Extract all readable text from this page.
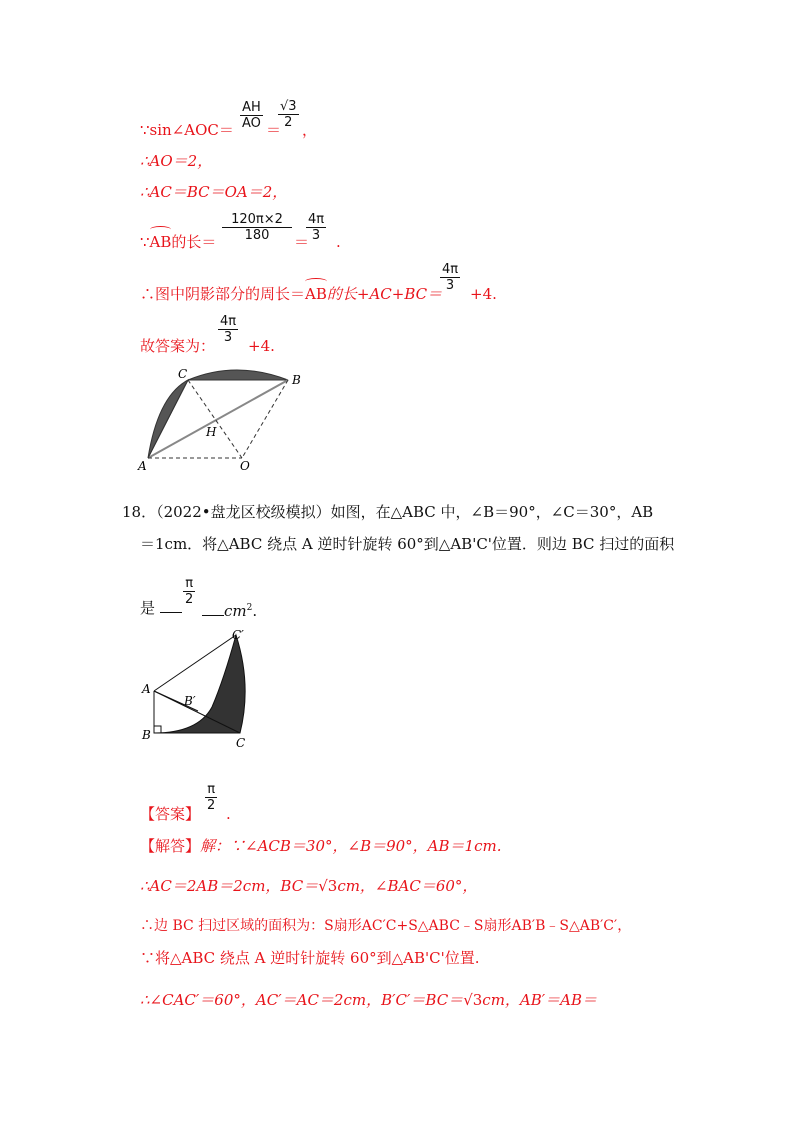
∵sin∠AOC＝
AH
AO ＝
√3
2 ，
∴AO＝2，
∴AC＝BC＝OA＝2，
∵
AB的长＝
120π×2
180	＝
4π
3	.
∴图中阴影部分的周长＝
AB的长+AC+BC＝
4π
3	+4.
故答案为：
4π
3	+4.
C	B
H
A	O
18．（2022•盘龙区校级模拟）如图，在△ABC 中，∠B＝90°，∠C＝30°，AB
＝1cm．将△ABC 绕点 A 逆时针旋转 60°到△AB'C'位置．则边 BC 扫过的面积
是
π
2
$cm^2$.
C′
A
B′
B
C
【答案】
π
2 .
【解答】解：∵∠ACB＝30°，∠B＝90°，AB＝1cm.
∴AC＝2AB＝2cm，BC＝√3cm，∠BAC＝60°，
∴边 BC 扫过区域的面积为：S扇形AC′C+S△ABC﹣S扇形AB′B﹣S△AB′C′，
∵将△ABC 绕点 A 逆时针旋转 60°到△AB'C'位置.
∴∠CAC′＝60°，AC′＝AC＝2cm，B′C′＝BC＝√3cm，AB′＝AB＝
